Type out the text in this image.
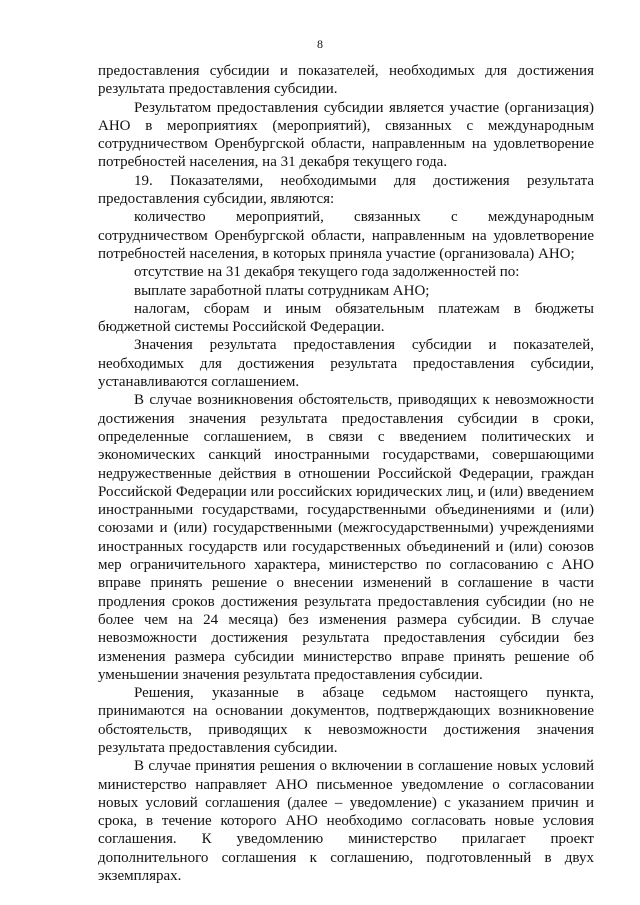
8

предоставления субсидии и показателей, необходимых для достижения результата предоставления субсидии.

Результатом предоставления субсидии является участие (организация) АНО в мероприятиях (мероприятий), связанных с международным сотрудничеством Оренбургской области, направленным на удовлетворение потребностей населения, на 31 декабря текущего года.

19. Показателями, необходимыми для достижения результата предоставления субсидии, являются:

количество мероприятий, связанных с международным сотрудничеством Оренбургской области, направленным на удовлетворение потребностей населения, в которых приняла участие (организовала) АНО;

отсутствие на 31 декабря текущего года задолженностей по:

выплате заработной платы сотрудникам АНО;

налогам, сборам и иным обязательным платежам в бюджеты бюджетной системы Российской Федерации.

Значения результата предоставления субсидии и показателей, необходимых для достижения результата предоставления субсидии, устанавливаются соглашением.

В случае возникновения обстоятельств, приводящих к невозможности достижения значения результата предоставления субсидии в сроки, определенные соглашением, в связи с введением политических и экономических санкций иностранными государствами, совершающими недружественные действия в отношении Российской Федерации, граждан Российской Федерации или российских юридических лиц, и (или) введением иностранными государствами, государственными объединениями и (или) союзами и (или) государственными (межгосударственными) учреждениями иностранных государств или государственных объединений и (или) союзов мер ограничительного характера, министерство по согласованию с АНО вправе принять решение о внесении изменений в соглашение в части продления сроков достижения результата предоставления субсидии (но не более чем на 24 месяца) без изменения размера субсидии. В случае невозможности достижения результата предоставления субсидии без изменения размера субсидии министерство вправе принять решение об уменьшении значения результата предоставления субсидии.

Решения, указанные в абзаце седьмом настоящего пункта, принимаются на основании документов, подтверждающих возникновение обстоятельств, приводящих к невозможности достижения значения результата предоставления субсидии.

В случае принятия решения о включении в соглашение новых условий министерство направляет АНО письменное уведомление о согласовании новых условий соглашения (далее – уведомление) с указанием причин и срока, в течение которого АНО необходимо согласовать новые условия соглашения. К уведомлению министерство прилагает проект дополнительного соглашения к соглашению, подготовленный в двух экземплярах.
